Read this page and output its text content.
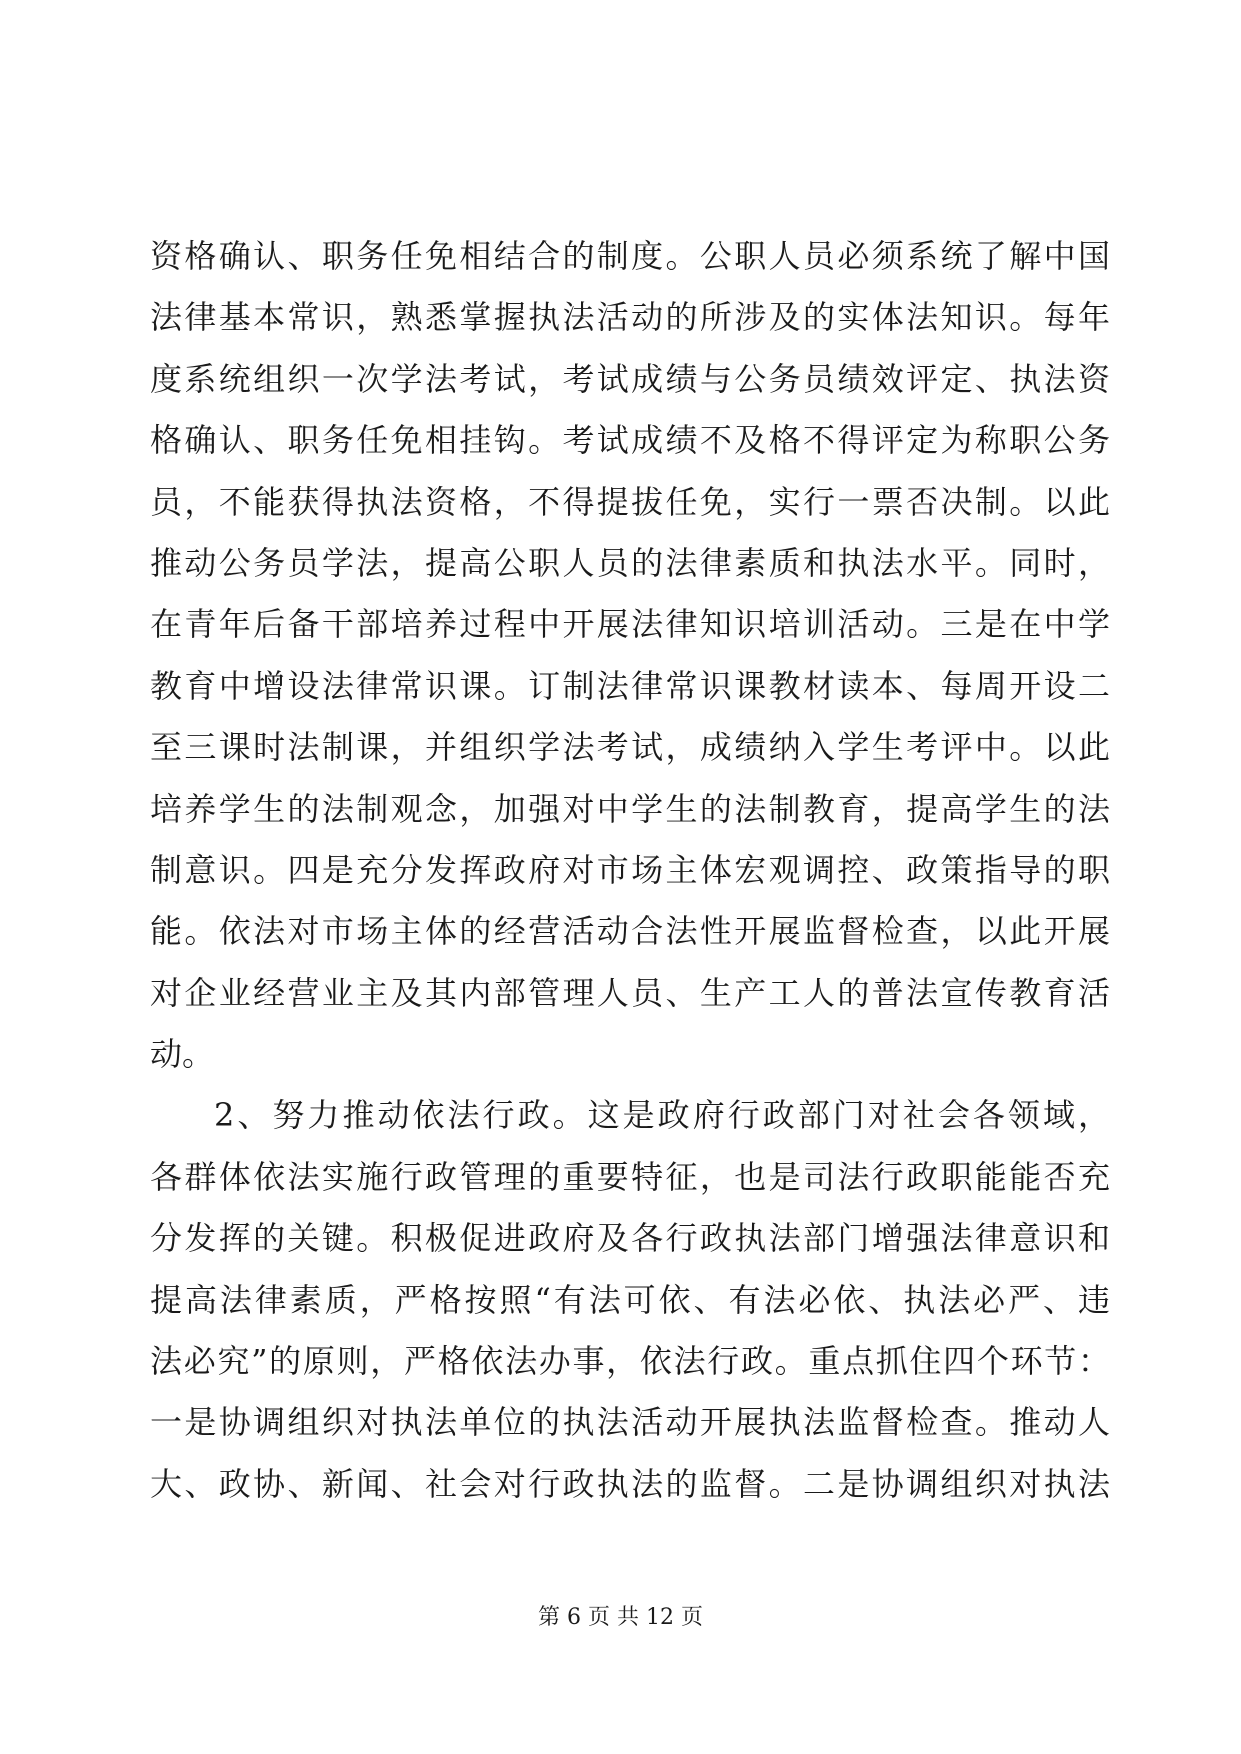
资格确认、职务任免相结合的制度。公职人员必须系统了解中国
法律基本常识，熟悉掌握执法活动的所涉及的实体法知识。每年
度系统组织一次学法考试，考试成绩与公务员绩效评定、执法资
格确认、职务任免相挂钩。考试成绩不及格不得评定为称职公务
员，不能获得执法资格，不得提拔任免，实行一票否决制。以此
推动公务员学法，提高公职人员的法律素质和执法水平。同时，
在青年后备干部培养过程中开展法律知识培训活动。三是在中学
教育中增设法律常识课。订制法律常识课教材读本、每周开设二
至三课时法制课，并组织学法考试，成绩纳入学生考评中。以此
培养学生的法制观念，加强对中学生的法制教育，提高学生的法
制意识。四是充分发挥政府对市场主体宏观调控、政策指导的职
能。依法对市场主体的经营活动合法性开展监督检查，以此开展
对企业经营业主及其内部管理人员、生产工人的普法宣传教育活
动。
2、努力推动依法行政。这是政府行政部门对社会各领域，
各群体依法实施行政管理的重要特征，也是司法行政职能能否充
分发挥的关键。积极促进政府及各行政执法部门增强法律意识和
提高法律素质，严格按照“有法可依、有法必依、执法必严、违
法必究”的原则，严格依法办事，依法行政。重点抓住四个环节：
一是协调组织对执法单位的执法活动开展执法监督检查。推动人
大、政协、新闻、社会对行政执法的监督。二是协调组织对执法
第 6 页 共 12 页
